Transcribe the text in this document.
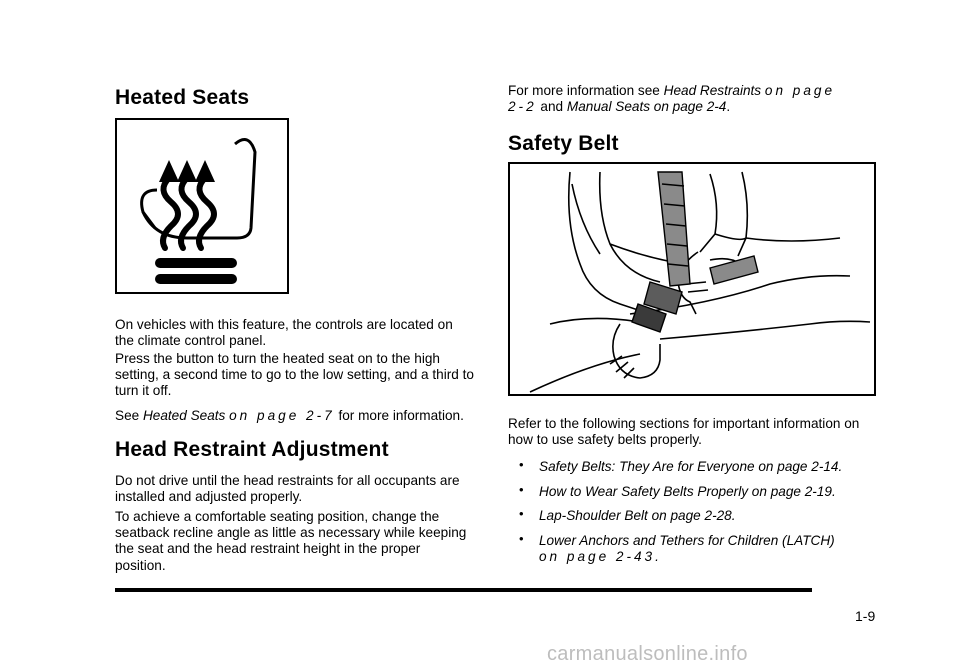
Heated Seats

On vehicles with this feature, the controls are located on the climate control panel.

Press the button to turn the heated seat on to the high setting, a second time to go to the low setting, and a third to turn it off.

See Heated Seats on page 2-7 for more information.

Head Restraint Adjustment

Do not drive until the head restraints for all occupants are installed and adjusted properly.

To achieve a comfortable seating position, change the seatback recline angle as little as necessary while keeping the seat and the head restraint height in the proper position.

For more information see Head Restraints on page 2-2 and Manual Seats on page 2-4.

Safety Belt

Refer to the following sections for important information on how to use safety belts properly.

• Safety Belts: They Are for Everyone on page 2-14.
• How to Wear Safety Belts Properly on page 2-19.
• Lap-Shoulder Belt on page 2-28.
• Lower Anchors and Tethers for Children (LATCH)
on page 2-43.
1-9
carmanualsonline.info
